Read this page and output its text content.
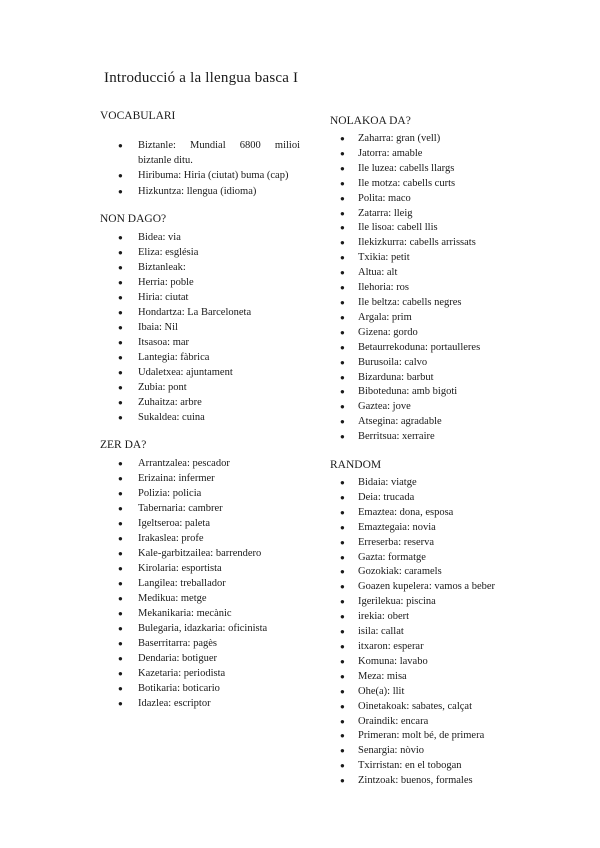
Introducció a la llengua basca I
VOCABULARI
● Biztanle: Mundial 6800 milioi biztanle ditu.
● Hiribuma: Hiria (ciutat) buma (cap)
● Hizkuntza: llengua (idioma)
NON DAGO?
● Bidea: via
● Eliza: església
● Biztanleak:
● Herria: poble
● Hiria: ciutat
● Hondartza: La Barceloneta
● Ibaia: Nil
● Itsasoa: mar
● Lantegia: fàbrica
● Udaletxea: ajuntament
● Zubia: pont
● Zuhaitza: arbre
● Sukaldea: cuina
ZER DA?
● Arrantzalea: pescador
● Erizaina: infermer
● Polizia: policia
● Tabernaria: cambrer
● Igeltserоа: paleta
● Irakaslea: profe
● Kale-garbitzailea: barrendero
● Kirolaria: esportista
● Langilea: treballador
● Medikua: metge
● Mekanikaria: mecànic
● Bulegaria, idazkaria: oficinista
● Baserritarra: pagès
● Dendaria: botiguer
● Kazetaria: periodista
● Botikaria: boticario
● Idazlea: escriptor
NOLAKOA DA?
● Zaharra: gran (vell)
● Jatorra: amable
● Ile luzea: cabells llargs
● Ile motza: cabells curts
● Polita: maco
● Zatarra: lleig
● Ile lisoa: cabell llis
● Ilekizkurra: cabells arrissats
● Txikia: petit
● Altua: alt
● Ilehoria: ros
● Ile beltza: cabells negres
● Argala: prim
● Gizena: gordo
● Betaurrekoduna: portaulleres
● Burusoila: calvo
● Bizarduna: barbut
● Bibotedunа: amb bigoti
● Gaztea: jove
● Atsegina: agradable
● Berritsua: xerraire
RANDOM
● Bidaia: viatge
● Deia: trucada
● Emaztea: dona, esposa
● Emaztegaia: novia
● Erreserba: reserva
● Gazta: formatge
● Gozokiak: caramels
● Goazen kupelera: vamos a beber
● Igerilekua: piscina
● irekia: obert
● isila: callat
● itxaron: esperar
● Komuna: lavabo
● Meza: misa
● Ohe(a): llit
● Oinetakoak: sabates, calçat
● Oraindik: encara
● Primeran: molt bé, de primera
● Senargia: nòvio
● Txirristan: en el tobogan
● Zintzoak: buenos, formales
